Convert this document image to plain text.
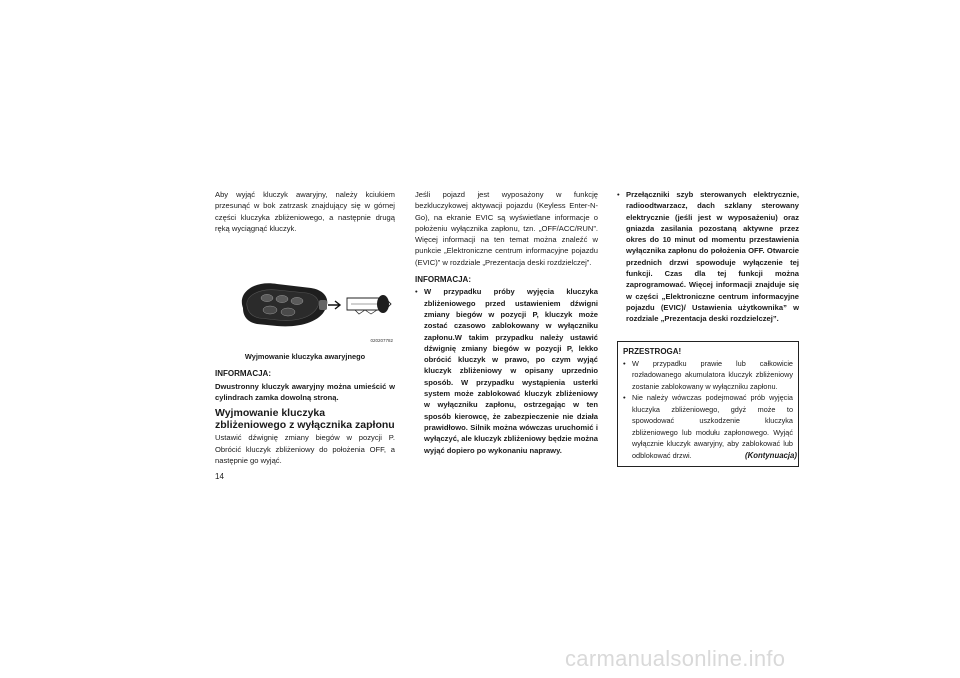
Aby wyjąć kluczyk awaryjny, należy kciukiem przesunąć w bok zatrzask znajdujący się w górnej części kluczyka zbliżeniowego, a następnie drugą ręką wyciągnąć kluczyk.

020207782
Wyjmowanie kluczyka awaryjnego
INFORMACJA:

Dwustronny kluczyk awaryjny można umieścić w cylindrach zamka dowolną stroną.

Wyjmowanie kluczyka zbliżeniowego z wyłącznika zapłonu

Ustawić dźwignię zmiany biegów w pozycji P. Obrócić kluczyk zbliżeniowy do położenia OFF, a następnie go wyjąć.

Jeśli pojazd jest wyposażony w funkcję bezkluczykowej aktywacji pojazdu (Keyless Enter-N-Go), na ekranie EVIC są wyświetlane informacje o położeniu wyłącznika zapłonu, tzn. „OFF/ACC/RUN”. Więcej informacji na ten temat można znaleźć w punkcie „Elektroniczne centrum informacyjne pojazdu (EVIC)” w rozdziale „Prezentacja deski rozdzielczej”.

INFORMACJA:
• W przypadku próby wyjęcia kluczyka zbliżeniowego przed ustawieniem dźwigni zmiany biegów w pozycji P, kluczyk może zostać czasowo zablokowany w wyłączniku zapłonu.W takim przypadku należy ustawić dźwignię zmiany biegów w pozycji P, lekko obrócić kluczyk w prawo, po czym wyjąć kluczyk zbliżeniowy w opisany uprzednio sposób. W przypadku wystąpienia usterki system może zablokować kluczyk zbliżeniowy w wyłączniku zapłonu, ostrzegając w ten sposób kierowcę, że zabezpieczenie nie działa prawidłowo. Silnik można wówczas uruchomić i wyłączyć, ale kluczyk zbliżeniowy będzie można wyjąć dopiero po wykonaniu naprawy.
• Przełączniki szyb sterowanych elektrycznie, radioodtwarzacz, dach szklany sterowany elektrycznie (jeśli jest w wyposażeniu) oraz gniazda zasilania pozostaną aktywne przez okres do 10 minut od momentu przestawienia wyłącznika zapłonu do położenia OFF. Otwarcie przednich drzwi spowoduje wyłączenie tej funkcji. Czas dla tej funkcji można zaprogramować. Więcej informacji znajduje się w części „Elektroniczne centrum informacyjne pojazdu (EVIC)/ Ustawienia użytkownika” w rozdziale „Prezentacja deski rozdzielczej”.
PRZESTROGA!
• W przypadku prawie lub całkowicie rozładowanego akumulatora kluczyk zbliżeniowy zostanie zablokowany w wyłączniku zapłonu.
• Nie należy wówczas podejmować prób wyjęcia kluczyka zbliżeniowego, gdyż może to spowodować uszkodzenie kluczyka zbliżeniowego lub modułu zapłonowego. Wyjąć wyłącznie kluczyk awaryjny, aby zablokować lub odblokować drzwi.	(Kontynuacja)
14
carmanualsonline.info
